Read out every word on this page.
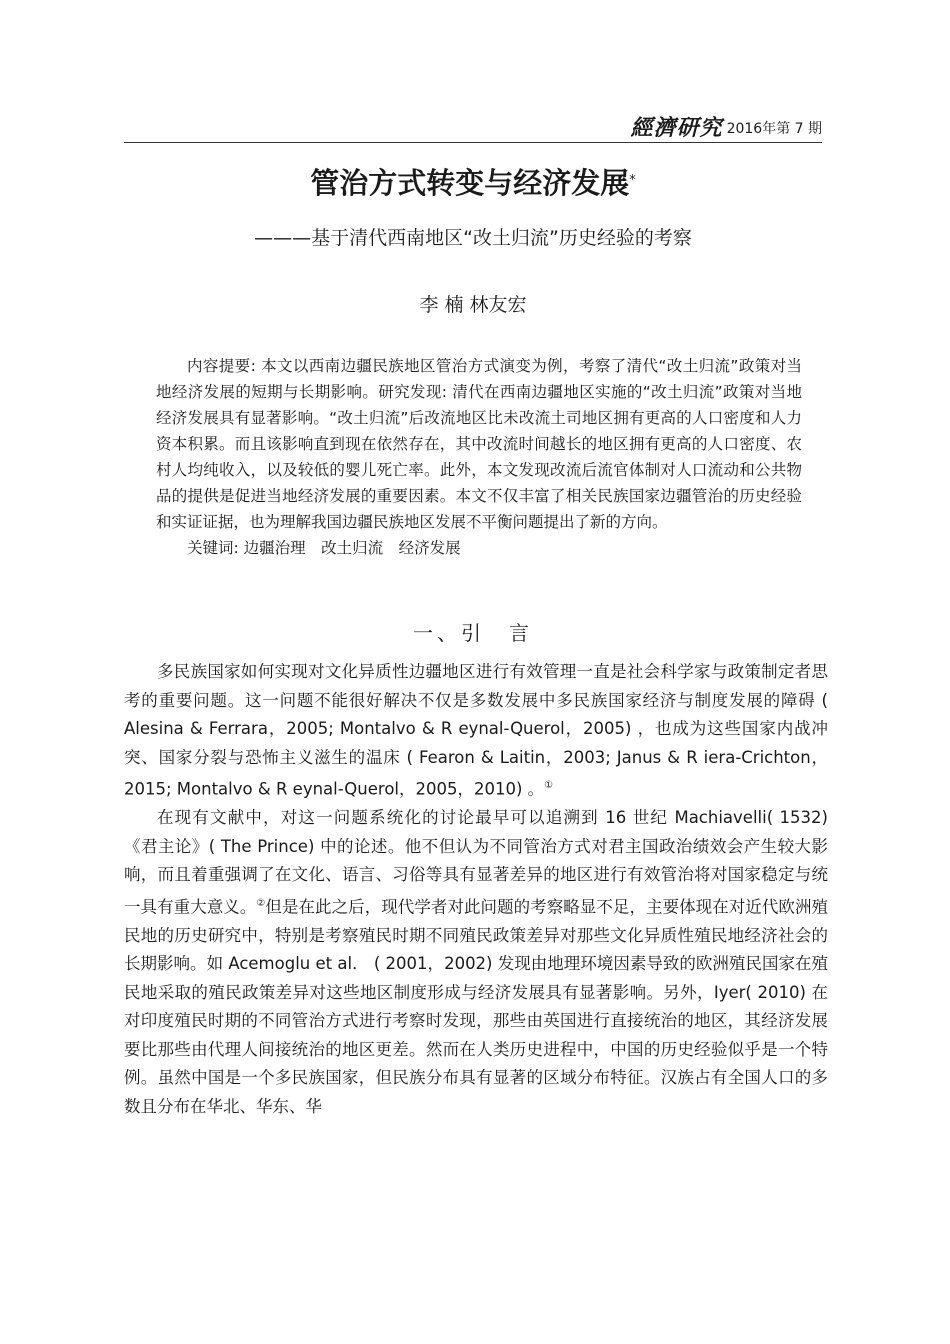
經濟研究 2016年第 7 期
管治方式转变与经济发展*
———基于清代西南地区“改土归流”历史经验的考察
李 楠 林友宏

内容提要: 本文以西南边疆民族地区管治方式演变为例，考察了清代“改土归流”政策对当地经济发展的短期与长期影响。研究发现: 清代在西南边疆地区实施的“改土归流”政策对当地经济发展具有显著影响。“改土归流”后改流地区比未改流土司地区拥有更高的人口密度和人力资本积累。而且该影响直到现在依然存在，其中改流时间越长的地区拥有更高的人口密度、农村人均纯收入，以及较低的婴儿死亡率。此外，本文发现改流后流官体制对人口流动和公共物品的提供是促进当地经济发展的重要因素。本文不仅丰富了相关民族国家边疆管治的历史经验和实证证据，也为理解我国边疆民族地区发展不平衡问题提出了新的方向。

关键词: 边疆治理　改土归流　经济发展

一、引　言

多民族国家如何实现对文化异质性边疆地区进行有效管理一直是社会科学家与政策制定者思考的重要问题。这一问题不能很好解决不仅是多数发展中多民族国家经济与制度发展的障碍 ( Alesina & Ferrara，2005; Montalvo & R eynal-Querol，2005) ，也成为这些国家内战冲突、国家分裂与恐怖主义滋生的温床 ( Fearon & Laitin，2003; Janus & R iera-Crichton，2015; Montalvo & R eynal-Querol，2005，2010) 。①

在现有文献中，对这一问题系统化的讨论最早可以追溯到 16 世纪 Machiavelli( 1532) 《君主论》( The Prince) 中的论述。他不但认为不同管治方式对君主国政治绩效会产生较大影响，而且着重强调了在文化、语言、习俗等具有显著差异的地区进行有效管治将对国家稳定与统一具有重大意义。②但是在此之后，现代学者对此问题的考察略显不足，主要体现在对近代欧洲殖民地的历史研究中，特别是考察殖民时期不同殖民政策差异对那些文化异质性殖民地经济社会的长期影响。如 Acemoglu et al． ( 2001，2002) 发现由地理环境因素导致的欧洲殖民国家在殖民地采取的殖民政策差异对这些地区制度形成与经济发展具有显著影响。另外，Iyer( 2010) 在对印度殖民时期的不同管治方式进行考察时发现，那些由英国进行直接统治的地区，其经济发展要比那些由代理人间接统治的地区更差。然而在人类历史进程中，中国的历史经验似乎是一个特例。虽然中国是一个多民族国家，但民族分布具有显著的区域分布特征。汉族占有全国人口的多数且分布在华北、华东、华
